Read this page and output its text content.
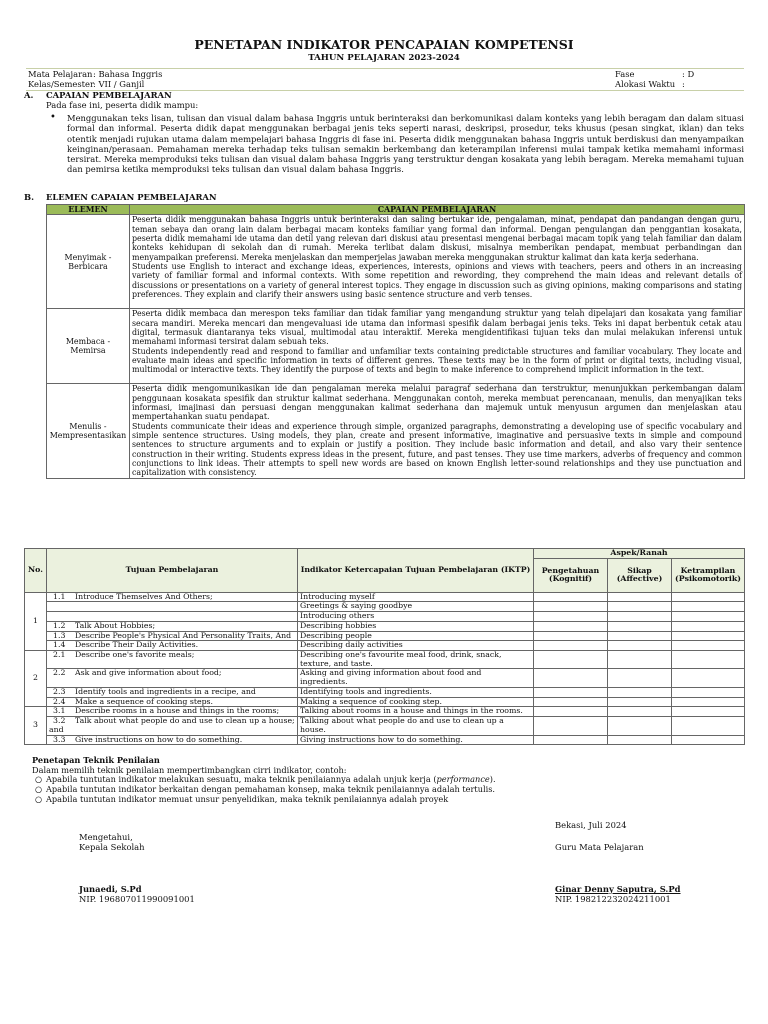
PENETAPAN INDIKATOR PENCAPAIAN KOMPETENSI
TAHUN PELAJARAN 2023-2024
Mata Pelajaran : Bahasa Inggris
Kelas/Semester : VII / Ganjil
Fase	: D
Alokasi Waktu :
A. CAPAIAN PEMBELAJARAN
Pada fase ini, peserta didik mampu:
• Menggunakan teks lisan, tulisan dan visual dalam bahasa Inggris untuk berinteraksi dan berkomunikasi dalam konteks yang lebih beragam dan dalam situasi formal dan informal. Peserta didik dapat menggunakan berbagai jenis teks seperti narasi, deskripsi, prosedur, teks khusus (pesan singkat, iklan) dan teks otentik menjadi rujukan utama dalam mempelajari bahasa Inggris di fase ini. Peserta didik menggunakan bahasa Inggris untuk berdiskusi dan menyampaikan keinginan/perasaan. Pemahaman mereka terhadap teks tulisan semakin berkembang dan keterampilan inferensi mulai tampak ketika memahami informasi tersirat. Mereka memproduksi teks tulisan dan visual dalam bahasa Inggris yang terstruktur dengan kosakata yang lebih beragam. Mereka memahami tujuan dan pemirsa ketika memproduksi teks tulisan dan visual dalam bahasa Inggris.
B. ELEMEN CAPAIAN PEMBELAJARAN
ELEMEN	CAPAIAN PEMBELAJARAN
Menyimak - Berbicara	Peserta didik menggunakan bahasa Inggris untuk berinteraksi dan saling bertukar ide, pengalaman, minat, pendapat dan pandangan dengan guru, teman sebaya dan orang lain dalam berbagai macam konteks familiar yang formal dan informal. Dengan pengulangan dan penggantian kosakata, peserta didik memahami ide utama dan detil yang relevan dari diskusi atau presentasi mengenai berbagai macam topik yang telah familiar dan dalam konteks kehidupan di sekolah dan di rumah. Mereka terlibat dalam diskusi, misalnya memberikan pendapat, membuat perbandingan dan menyampaikan preferensi. Mereka menjelaskan dan memperjelas jawaban mereka menggunakan struktur kalimat dan kata kerja sederhana.
Students use English to interact and exchange ideas, experiences, interests, opinions and views with teachers, peers and others in an increasing variety of familiar formal and informal contexts. With some repetition and rewording, they comprehend the main ideas and relevant details of discussions or presentations on a variety of general interest topics. They engage in discussion such as giving opinions, making comparisons and stating preferences. They explain and clarify their answers using basic sentence structure and verb tenses.

Membaca - Memirsa	Peserta didik membaca dan merespon teks familiar dan tidak familiar yang mengandung struktur yang telah dipelajari dan kosakata yang familiar secara mandiri. Mereka mencari dan mengevaluasi ide utama dan informasi spesifik dalam berbagai jenis teks. Teks ini dapat berbentuk cetak atau digital, termasuk diantaranya teks visual, multimodal atau interaktif. Mereka mengidentifikasi tujuan teks dan mulai melakukan inferensi untuk memahami informasi tersirat dalam sebuah teks.
Students independently read and respond to familiar and unfamiliar texts containing predictable structures and familiar vocabulary. They locate and evaluate main ideas and specific information in texts of different genres. These texts may be in the form of print or digital texts, including visual, multimodal or interactive texts. They identify the purpose of texts and begin to make inference to comprehend implicit information in the text.

Menulis - Mempresentasikan	Peserta didik mengomunikasikan ide dan pengalaman mereka melalui paragraf sederhana dan terstruktur, menunjukkan perkembangan dalam penggunaan kosakata spesifik dan struktur kalimat sederhana. Menggunakan contoh, mereka membuat perencanaan, menulis, dan menyajikan teks informasi, imajinasi dan persuasi dengan menggunakan kalimat sederhana dan majemuk untuk menyusun argumen dan menjelaskan atau mempertahankan suatu pendapat.
Students communicate their ideas and experience through simple, organized paragraphs, demonstrating a developing use of specific vocabulary and simple sentence structures. Using models, they plan, create and present informative, imaginative and persuasive texts in simple and compound sentences to structure arguments and to explain or justify a position. They include basic information and detail, and also vary their sentence construction in their writing. Students express ideas in the present, future, and past tenses. They use time markers, adverbs of frequency and common conjunctions to link ideas. Their attempts to spell new words are based on known English letter-sound relationships and they use punctuation and capitalization with consistency.
No.	Tujuan Pembelajaran	Indikator Ketercapaian Tujuan Pembelajaran (IKTP)	Aspek/Ranah		
			Pengetahuan (Kognitif)	Sikap (Affective)	Ketrampilan (Psikomotorik)
1	1.1 Introduce Themselves And Others;	Introducing myself			
		Greetings & saying goodbye			
		Introducing others			
	1.2 Talk About Hobbies;	Describing hobbies			
	1.3 Describe People's Physical And Personality Traits, And	Describing people			
	1.4 Describe Their Daily Activities.	Describing daily activities			
2	2.1 Describe one's favorite meals;	Describing one's favourite meal food, drink, snack, texture, and taste.			
	2.2 Ask and give information about food;	Asking and giving information about food and ingredients.			
	2.3 Identify tools and ingredients in a recipe, and	Identifying tools and ingredients.			
	2.4 Make a sequence of cooking steps.	Making a sequence of cooking step.			
3	3.1 Describe rooms in a house and things in the rooms;	Talking about rooms in a house and things in the rooms.			
	3.2 Talk about what people do and use to clean up a house; and	Talking about what people do and use to clean up a house.			
	3.3 Give instructions on how to do something.	Giving instructions how to do something.			
Penetapan Teknik Penilaian
Dalam memilih teknik penilaian mempertimbangkan cirri indikator, contoh:
○ Apabila tuntutan indikator melakukan sesuatu, maka teknik penilaiannya adalah unjuk kerja (performance).
○ Apabila tuntutan indikator berkaitan dengan pemahaman konsep, maka teknik penilaiannya adalah tertulis.
○ Apabila tuntutan indikator memuat unsur penyelidikan, maka teknik penilaiannya adalah proyek
Bekasi, Juli 2024
Mengetahui,
Kepala Sekolah	Guru Mata Pelajaran
Junaedi, S.Pd
NIP. 196807011990091001
Ginar Denny Saputra, S.Pd
NIP. 198212232024211001
